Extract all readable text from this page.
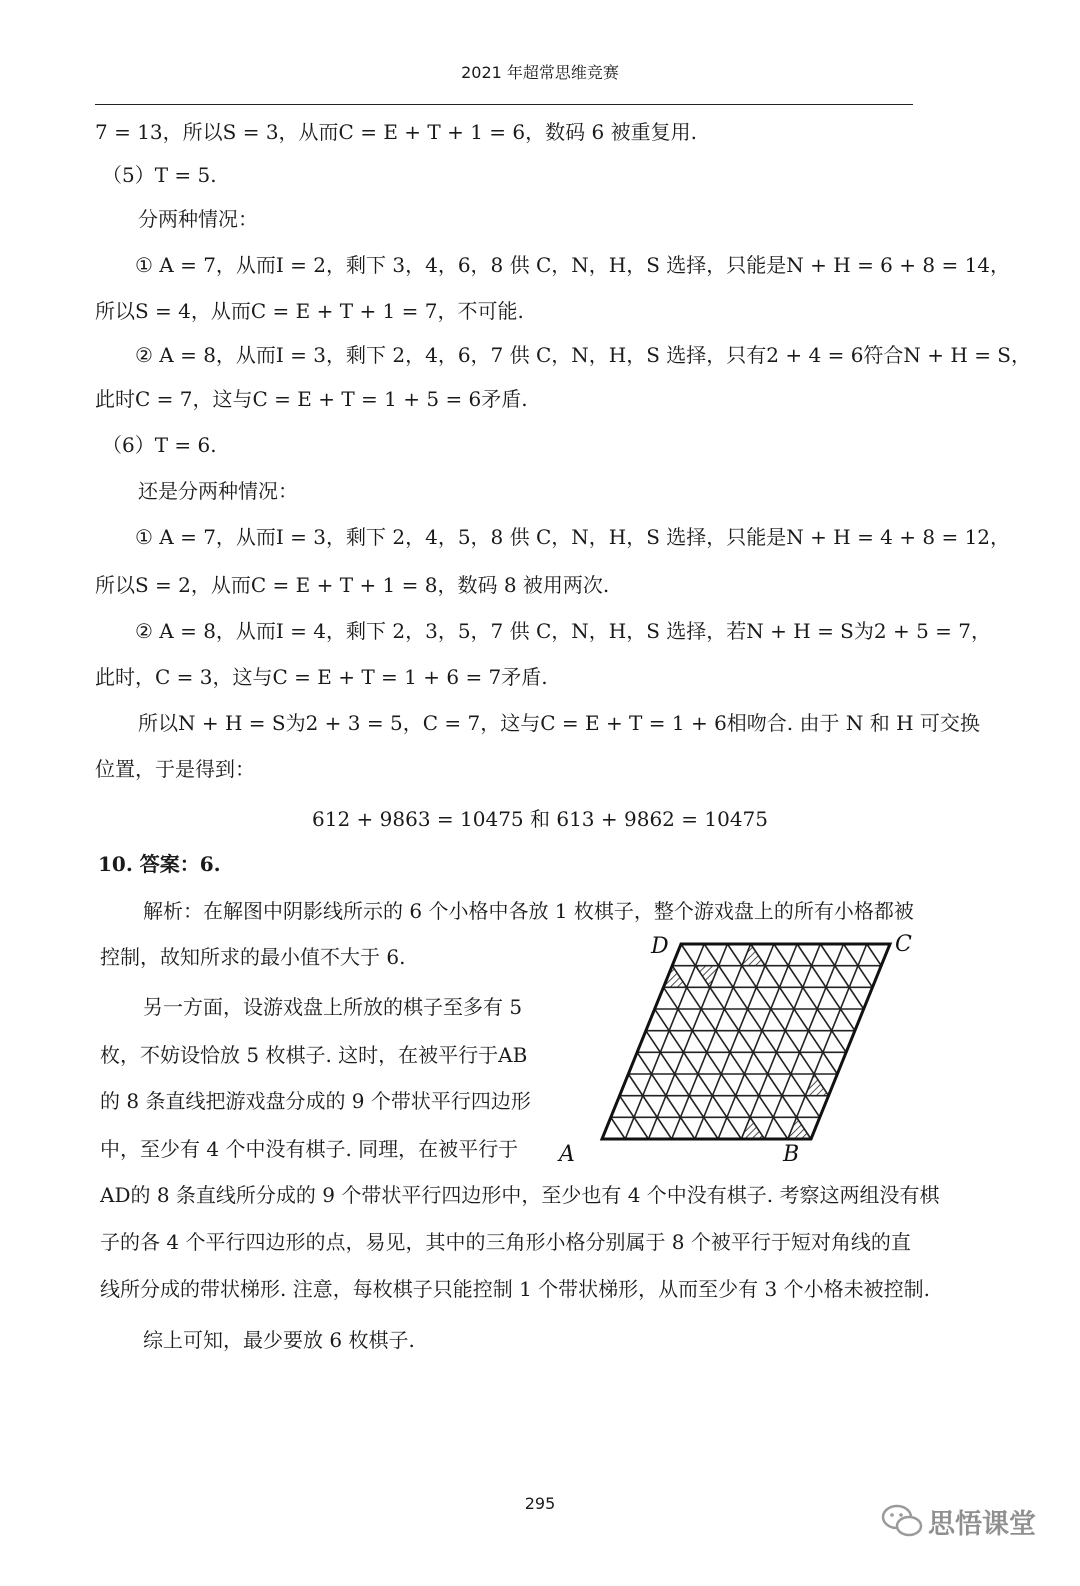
2021 年超常思维竞赛
7 = 13，所以S = 3，从而C = E + T + 1 = 6，数码 6 被重复用.
（5）T = 5.
分两种情况：
① A = 7，从而I = 2，剩下 3，4，6，8 供 C，N，H，S 选择，只能是N + H = 6 + 8 = 14，
所以S = 4，从而C = E + T + 1 = 7，不可能.
② A = 8，从而I = 3，剩下 2，4，6，7 供 C，N，H，S 选择，只有2 + 4 = 6符合N + H = S，
此时C = 7，这与C = E + T = 1 + 5 = 6矛盾.
（6）T = 6.
还是分两种情况：
① A = 7，从而I = 3，剩下 2，4，5，8 供 C，N，H，S 选择，只能是N + H = 4 + 8 = 12，
所以S = 2，从而C = E + T + 1 = 8，数码 8 被用两次.
② A = 8，从而I = 4，剩下 2，3，5，7 供 C，N，H，S 选择，若N + H = S为2 + 5 = 7，
此时，C = 3，这与C = E + T = 1 + 6 = 7矛盾.
所以N + H = S为2 + 3 = 5，C = 7，这与C = E + T = 1 + 6相吻合. 由于 N 和 H 可交换
位置，于是得到：
612 + 9863 = 10475 和 613 + 9862 = 10475
10. 答案：6.
解析：在解图中阴影线所示的 6 个小格中各放 1 枚棋子，整个游戏盘上的所有小格都被
控制，故知所求的最小值不大于 6.
另一方面，设游戏盘上所放的棋子至多有 5
枚，不妨设恰放 5 枚棋子. 这时，在被平行于AB
的 8 条直线把游戏盘分成的 9 个带状平行四边形
中，至少有 4 个中没有棋子. 同理，在被平行于
AD的 8 条直线所分成的 9 个带状平行四边形中，至少也有 4 个中没有棋子. 考察这两组没有棋
子的各 4 个平行四边形的点，易见，其中的三角形小格分别属于 8 个被平行于短对角线的直
线所分成的带状梯形. 注意，每枚棋子只能控制 1 个带状梯形，从而至少有 3 个小格未被控制.
综上可知，最少要放 6 枚棋子.
D	C
A	B
295
思悟课堂
